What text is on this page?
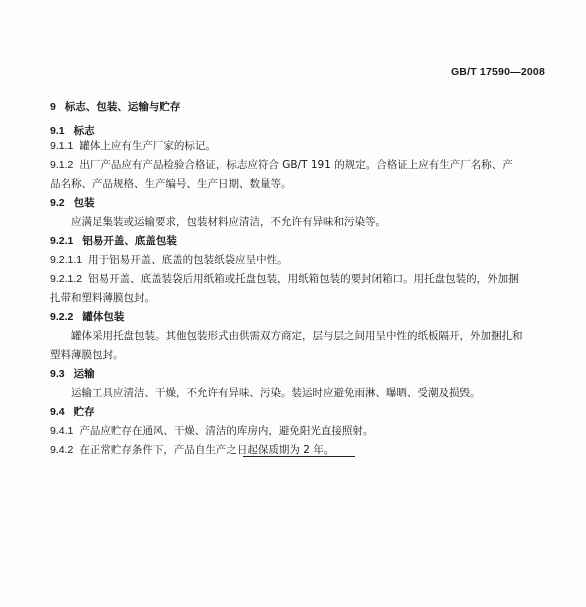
GB/T 17590—2008
9 标志、包装、运输与贮存
9.1 标志
9.1.1 罐体上应有生产厂家的标记。
9.1.2 出厂产品应有产品检验合格证，标志应符合 GB/T 191 的规定。合格证上应有生产厂名称、产
品名称、产品规格、生产编号、生产日期、数量等。
9.2 包装
应满足集装或运输要求，包装材料应清洁，不允许有异味和污染等。
9.2.1 铝易开盖、底盖包装
9.2.1.1 用于铝易开盖、底盖的包装纸袋应呈中性。
9.2.1.2 铝易开盖、底盖装袋后用纸箱或托盘包装，用纸箱包装的要封闭箱口。用托盘包装的，外加捆
扎带和塑料薄膜包封。
9.2.2 罐体包装
罐体采用托盘包装。其他包装形式由供需双方商定，层与层之间用呈中性的纸板隔开，外加捆扎和
塑料薄膜包封。
9.3 运输
运输工具应清洁、干燥，不允许有异味、污染。装运时应避免雨淋、曝晒、受潮及损毁。
9.4 贮存
9.4.1 产品应贮存在通风、干燥、清洁的库房内，避免阳光直接照射。
9.4.2 在正常贮存条件下，产品自生产之日起保质期为 2 年。
